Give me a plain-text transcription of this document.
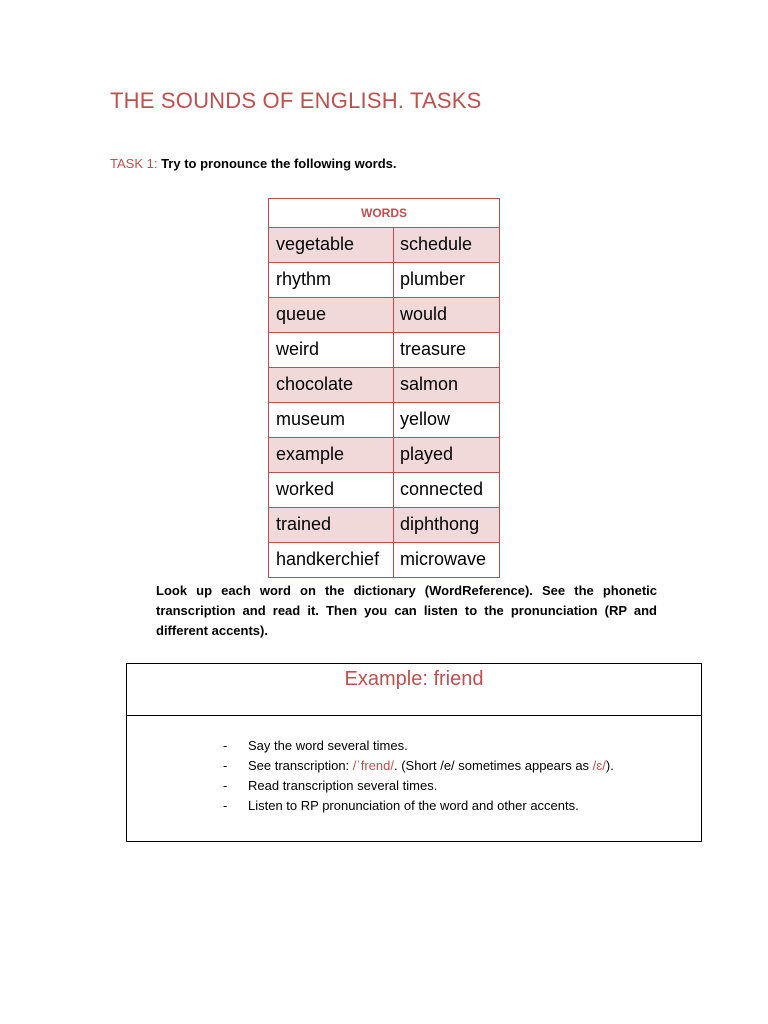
THE SOUNDS OF ENGLISH. TASKS
TASK 1: Try to pronounce the following words.
WORDS	
vegetable	schedule
rhythm	plumber
queue	would
weird	treasure
chocolate	salmon
museum	yellow
example	played
worked	connected
trained	diphthong
handkerchief	microwave
Look up each word on the dictionary (WordReference). See the phonetic transcription and read it. Then you can listen to the pronunciation (RP and different accents).
Example: friend
- Say the word several times.
- See transcription: /ˈfrend/. (Short /e/ sometimes appears as /ɛ/).
- Read transcription several times.
- Listen to RP pronunciation of the word and other accents.
